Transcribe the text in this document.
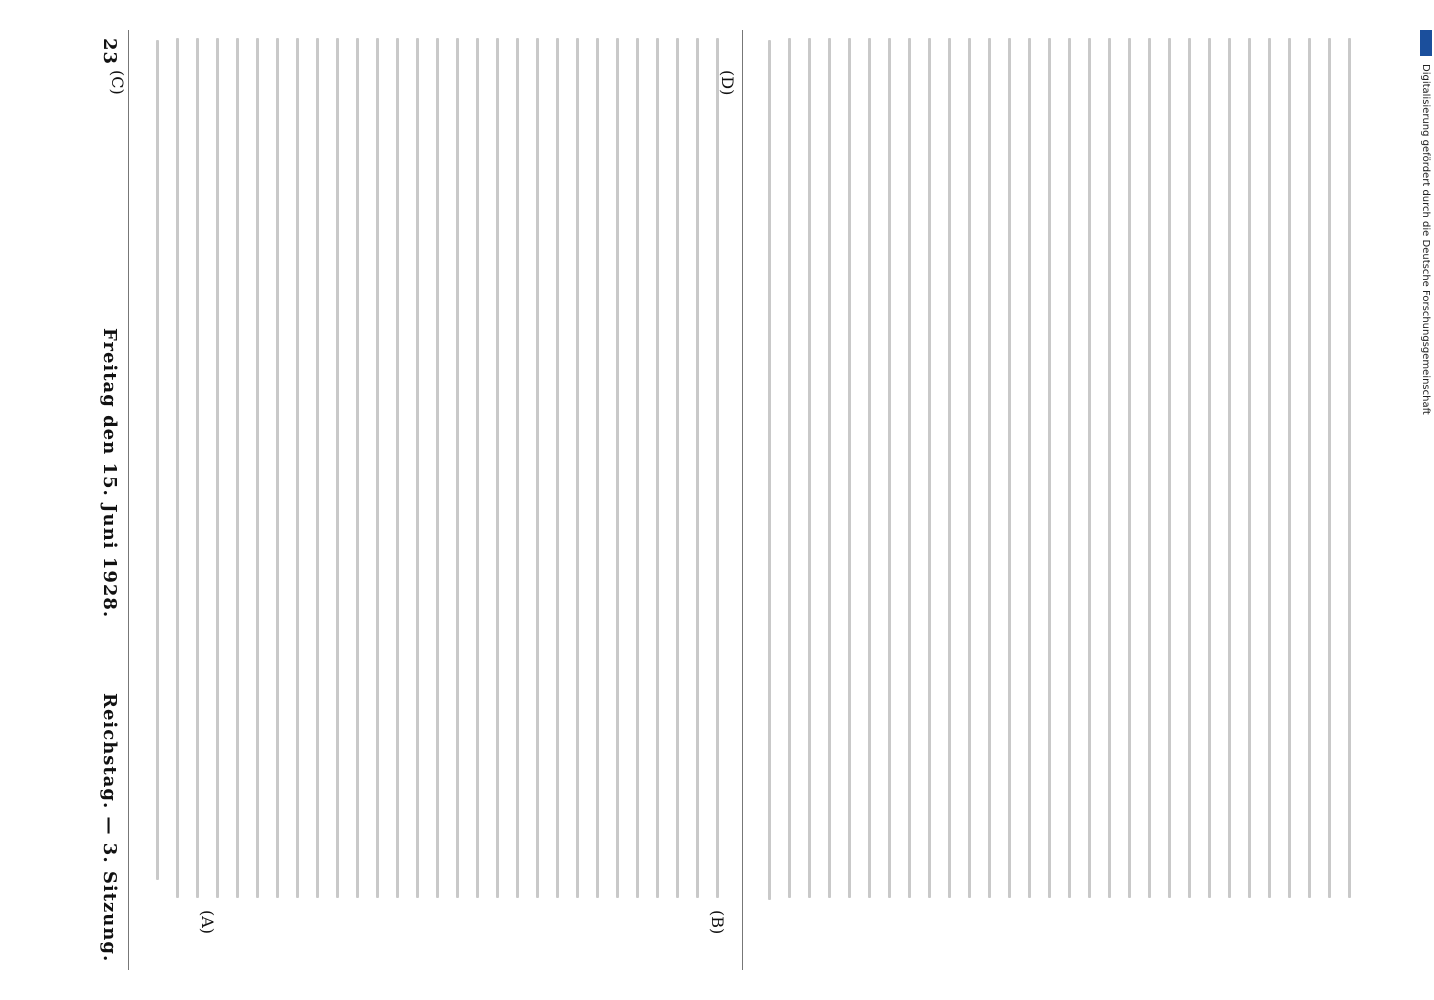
Reichstag. — 3. Sitzung.
Freitag den 15. Juni 1928.
23
(A)	(B)
(C)	(D)	Digitalisierung gefördert durch die Deutsche Forschungsgemeinschaft
